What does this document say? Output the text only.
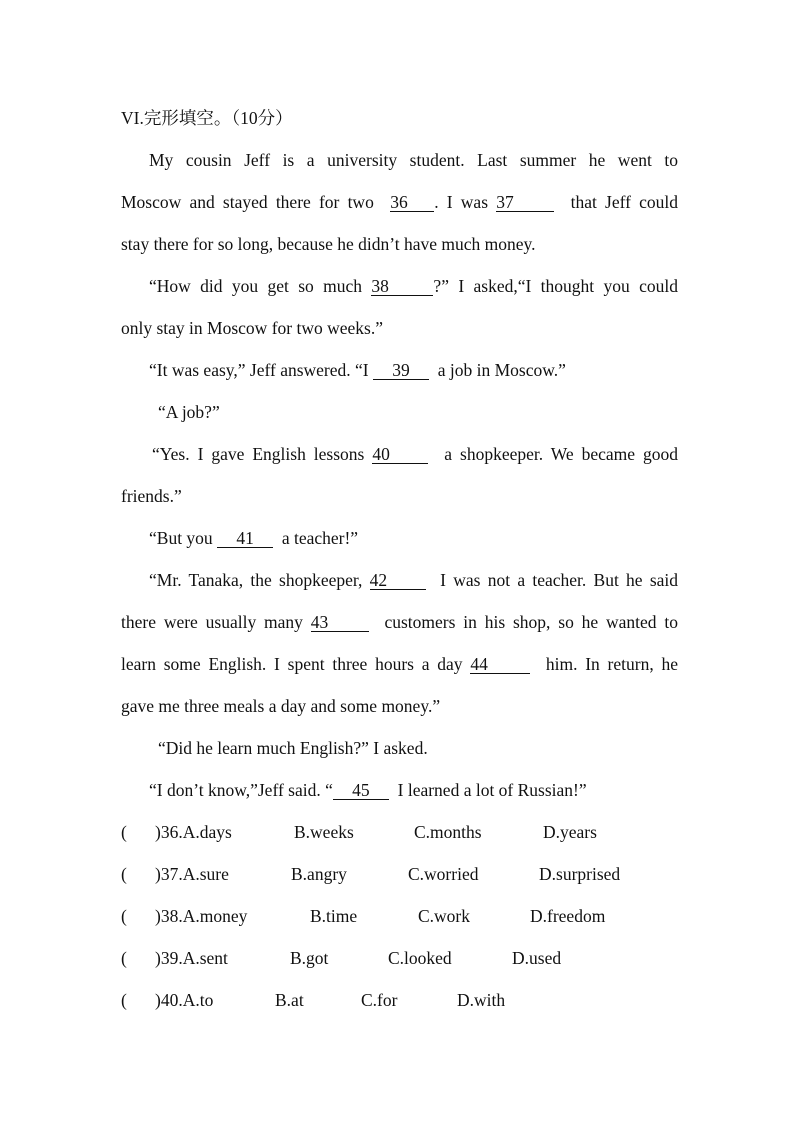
VI.完形填空。（10分）
My cousin Jeff is a university student. Last summer he went to
Moscow and stayed there for two 36 . I was 37	that Jeff could
stay there for so long, because he didn’t have much money.
“How did you get so much 38	?” I asked,“I thought you could
only stay in Moscow for two weeks.”
“It was easy,” Jeff answered. “I 39 a job in Moscow.”
“A job?”
“Yes. I gave English lessons 40	a shopkeeper. We became good
friends.”
“But you 41 a teacher!”
“Mr. Tanaka, the shopkeeper, 42	I was not a teacher. But he said
there were usually many 43	customers in his shop, so he wanted to
learn some English. I spent three hours a day 44	him. In return, he
gave me three meals a day and some money.”
“Did he learn much English?” I asked.
“I don’t know,”Jeff said. “ 45 I learned a lot of Russian!”
( )36.A.days	B.weeks	C.months	D.years
( )37.A.sure	B.angry	C.worried	D.surprised
( )38.A.money	B.time	C.work	D.freedom
( )39.A.sent	B.got	C.looked	D.used
( )40.A.to	B.at	C.for	D.with
